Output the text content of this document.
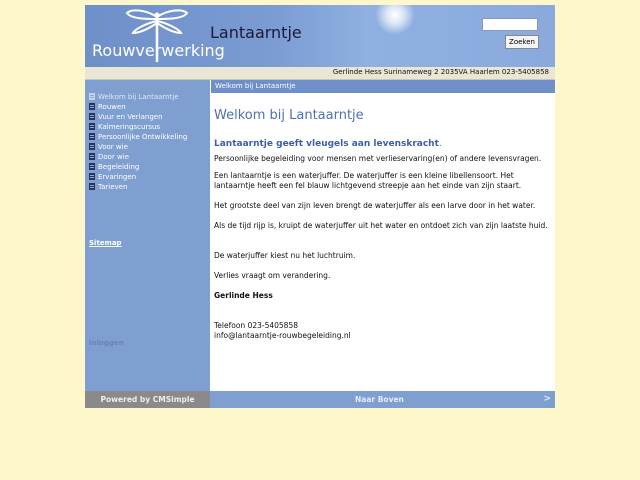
Lantaarntje
Rouwverwerking	Zoeken
Gerlinde Hess Surinameweg 2 2035VA Haarlem 023-5405858
Welkom bij Lantaarntje
Rouwen
Vuur en Verlangen
Kalmeringscursus
Persoonlijke Ontwikkeling
Voor wie
Door wie
Begeleiding
Ervaringen
Tarieven
Sitemap
Inloggen
Welkom bij Lantaarntje
Welkom bij Lantaarntje
Lantaarntje geeft vleugels aan levenskracht.
Persoonlijke begeleiding voor mensen met verlieservaring(en) of andere levensvragen.
Een lantaarntje is een waterjuffer. De waterjuffer is een kleine libellensoort. Het lantaarntje heeft een fel blauw lichtgevend streepje aan het einde van zijn staart.
Het grootste deel van zijn leven brengt de waterjuffer als een larve door in het water.
Als de tijd rijp is, kruipt de waterjuffer uit het water en ontdoet zich van zijn laatste huid.
De waterjuffer kiest nu het luchtruim.
Verlies vraagt om verandering.
Gerlinde Hess
Telefoon 023-5405858
info@lantaarntje-rouwbegeleiding.nl
Powered by CMSimple	Naar Boven	>
